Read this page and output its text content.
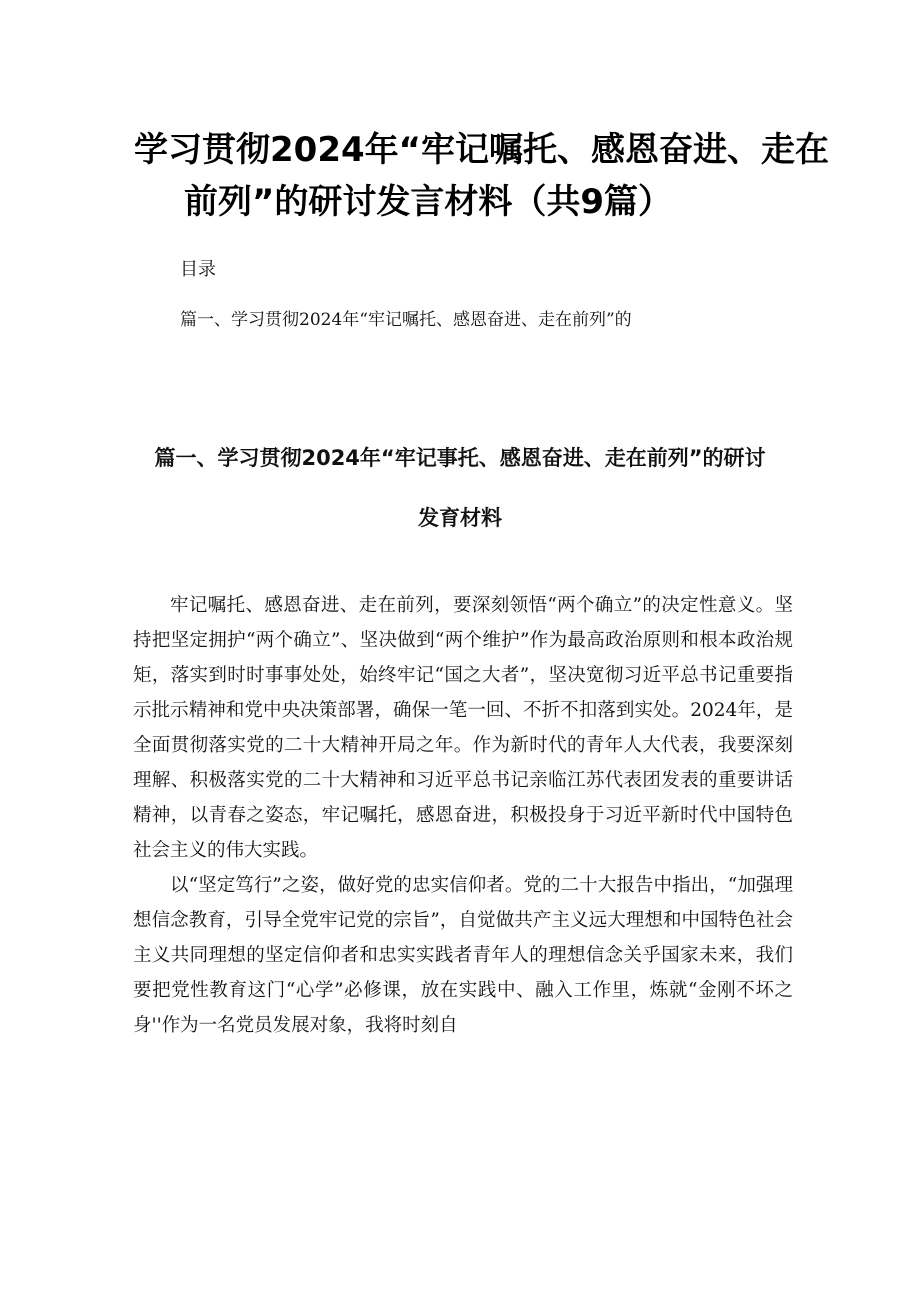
学习贯彻2024年“牢记嘱托、感恩奋进、走在
前列”的研讨发言材料（共9篇）
目录
篇一、学习贯彻2024年“牢记嘱托、感恩奋进、走在前列”的
篇一、学习贯彻2024年“牢记事托、感恩奋进、走在前列”的研讨
发育材料

牢记嘱托、感恩奋进、走在前列，要深刻领悟“两个确立”的决定性意义。坚持把坚定拥护“两个确立”、坚决做到“两个维护”作为最高政治原则和根本政治规矩，落实到时时事事处处，始终牢记“国之大者”，坚决宽彻习近平总书记重要指示批示精神和党中央决策部署，确保一笔一回、不折不扣落到实处。2024年，是全面贯彻落实党的二十大精神开局之年。作为新时代的青年人大代表，我要深刻理解、积极落实党的二十大精神和习近平总书记亲临江苏代表团发表的重要讲话精神，以青春之姿态，牢记嘱托，感恩奋进，积极投身于习近平新时代中国特色社会主义的伟大实践。

以“坚定笃行”之姿，做好党的忠实信仰者。党的二十大报告中指出，“加强理想信念教育，引导全党牢记党的宗旨”，自觉做共产主义远大理想和中国特色社会主义共同理想的坚定信仰者和忠实实践者青年人的理想信念关乎国家未来，我们要把党性教育这门“心学”必修课，放在实践中、融入工作里，炼就“金刚不坏之身''作为一名党员发展对象，我将时刻自
